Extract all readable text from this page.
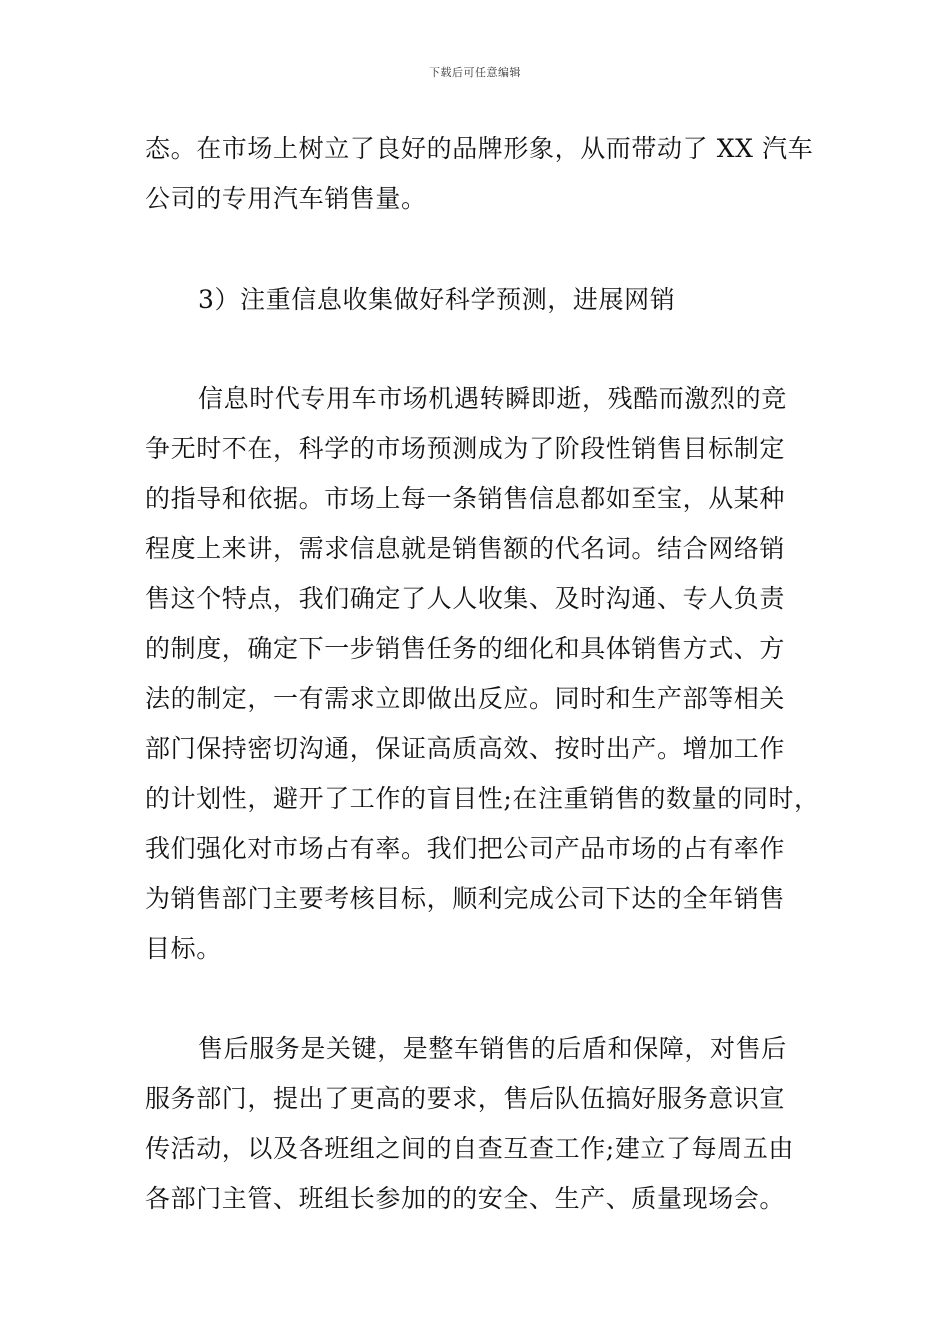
下载后可任意编辑
态。在市场上树立了良好的品牌形象，从而带动了 XX 汽车
公司的专用汽车销售量。
3）注重信息收集做好科学预测，进展网销
信息时代专用车市场机遇转瞬即逝，残酷而激烈的竞
争无时不在，科学的市场预测成为了阶段性销售目标制定
的指导和依据。市场上每一条销售信息都如至宝，从某种
程度上来讲，需求信息就是销售额的代名词。结合网络销
售这个特点，我们确定了人人收集、及时沟通、专人负责
的制度，确定下一步销售任务的细化和具体销售方式、方
法的制定，一有需求立即做出反应。同时和生产部等相关
部门保持密切沟通，保证高质高效、按时出产。增加工作
的计划性，避开了工作的盲目性;在注重销售的数量的同时，
我们强化对市场占有率。我们把公司产品市场的占有率作
为销售部门主要考核目标，顺利完成公司下达的全年销售
目标。
售后服务是关键，是整车销售的后盾和保障，对售后
服务部门，提出了更高的要求，售后队伍搞好服务意识宣
传活动，以及各班组之间的自查互查工作;建立了每周五由
各部门主管、班组长参加的的安全、生产、质量现场会。
